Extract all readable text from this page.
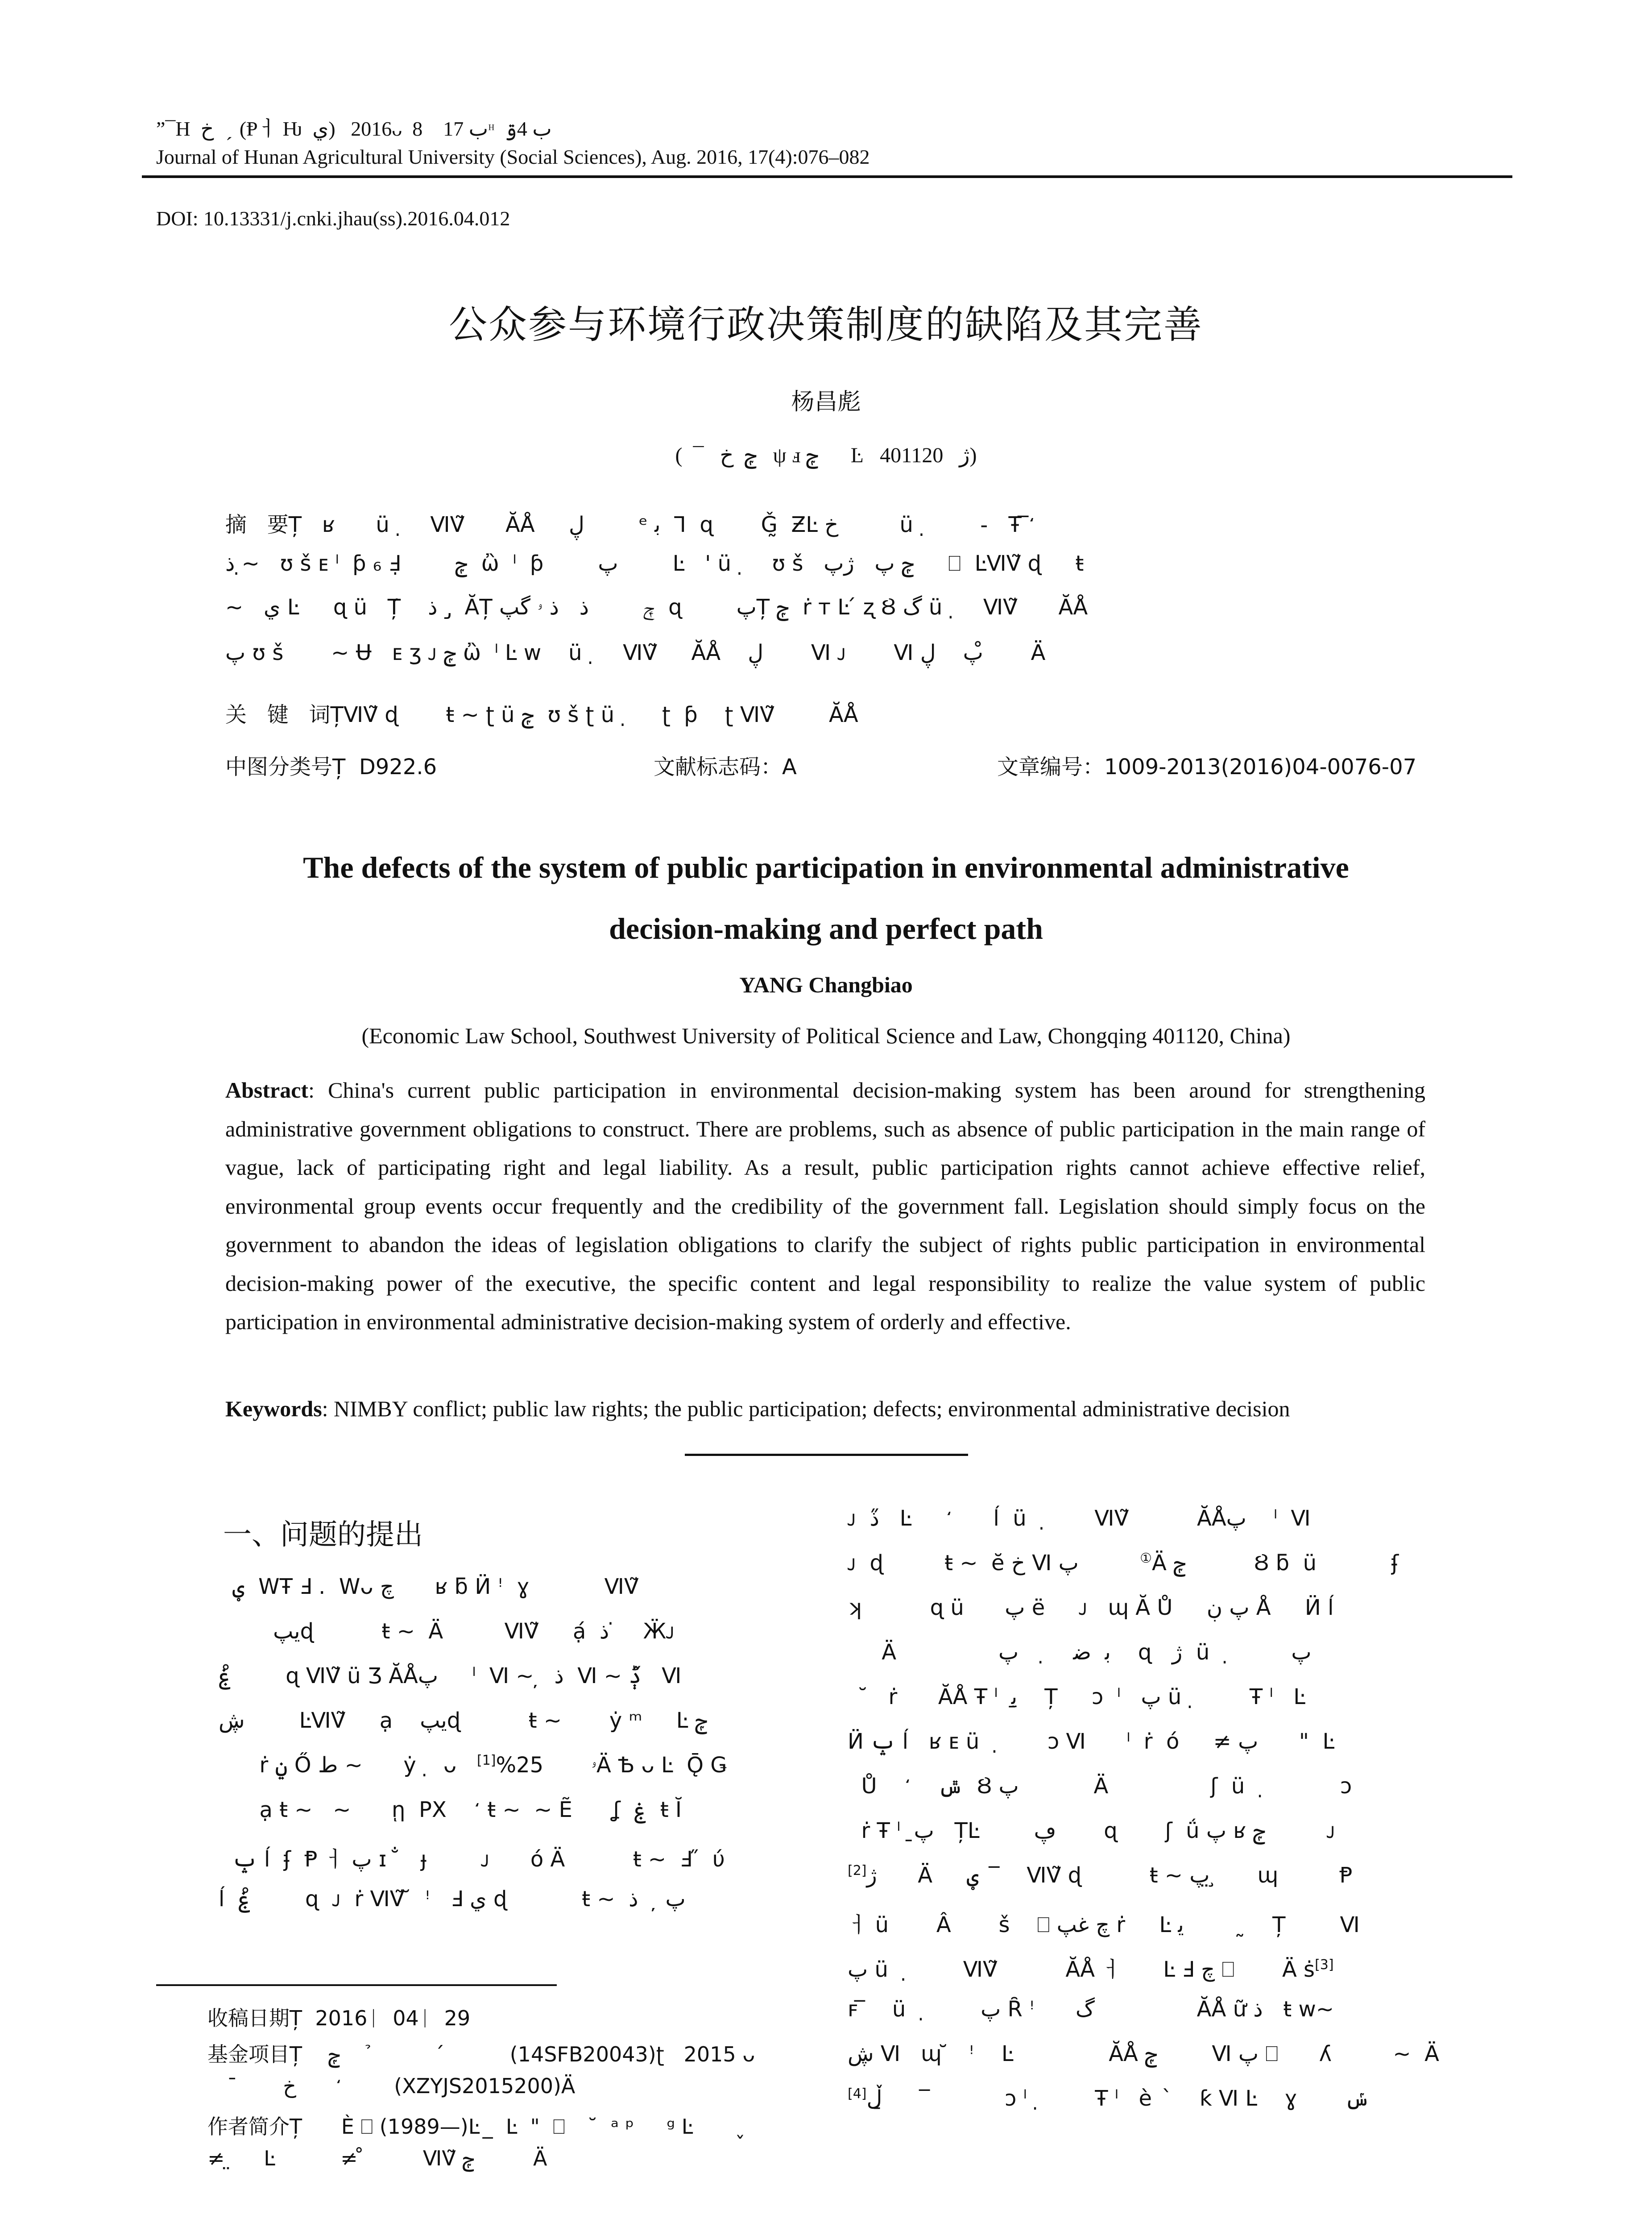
”¯H  خ    ̗ (Ᵽㅓ Ƕ  ي)   2016ᴗ  8    ب 17ᵸ  ب 4ۊ
Journal of Hunan Agricultural University (Social Sciences), Aug. 2016, 17(4):076–082
DOI: 10.13331/j.cnki.jhau(ss).2016.04.012
公众参与环境行政决策制度的缺陷及其完善
杨昌彪
(  ¯   ݼ  خ   ψ ⅎ ݼ      Ŀ   ژ   401120)
摘   要Ț   ʁ      ü  ̣    ⅥⅤ̃      ĂÅ     ڸ        ᵉ ﺑ  ⅂  ɋ       Ǧ̰  ƵĿ خ         ü  ̣         ̵   Ŧ ̅ ̒
ذ ~̣   ʊ š ᴇ ˡ  ƥ ₆ Ⅎ̣        ݼ  ὢ  ˡ  ƥ        پ        Ŀ   ' ü  ̣    ʊ š   ݼ پ   ژپ     ⎕  ĿⅥⅤ̃ ɖ     ŧ
~   ي Ŀ     ɋ ü   Ț́    ذ   ̡ ĂȚ ݼ        ذ   ذ ۥ گپ  ɋ        پȚ ݼ  ṙ т Ŀ ́ ʐ Ȣ گ ü  ̣    ⅥⅤ̃      ĂÅ
پ ʊ š       ~ Ʉ   ᴇ ʒ ᴊ ݼ ὢ  ˡ Ŀ w    ü  ̣    ⅥⅤ̃     ĂÅ    ڸ       Ⅵ ᴊ       Ⅵ پ    ڸ ̊      Ä
关   键   词ȚⅥⅤ̃ ɖ       ŧ ~ ʈ ü ݼ  ʊ š ʈ ü  ̣     ʈ  ƥ    ʈ ⅥⅤ̃        ĂÅ
中图分类号Ț  D922.6	文献标志码：A	文章编号：1009-2013(2016)04-0076-07
The defects of the system of public participation in environmental administrative
decision-making and perfect path
YANG Changbiao
(Economic Law School, Southwest University of Political Science and Law, Chongqing 401120, China)
Abstract: China's current public participation in environmental decision-making system has been around for strengthening administrative government obligations to construct. There are problems, such as absence of public participation in the main range of vague, lack of participating right and legal liability. As a result, public participation rights cannot achieve effective relief, environmental group events occur frequently and the credibility of the government fall. Legislation should simply focus on the government to abandon the ideas of legislation obligations to clarify the subject of rights public participation in environmental decision-making power of the executive, the specific content and legal responsibility to realize the value system of public participation in environmental administrative decision-making system of orderly and effective.
Keywords: NIMBY conflict; public law rights; the public participation; defects; environmental administrative decision
一、问题的提出
ؠ  WŦ Ⅎ .  Wᴗ چ      ʁ ƃ Ӥ ꜝ  ɣ           ⅥⅤ̃
يپɖ          ŧ ~  Ä         ⅥⅤ̃     ạ́  ذ  ̇   Ӝᴊ
ۼ ̊       ɋ ⅥⅤ̃ ü Ʒ ĂÅپ     ˡ  Ⅵ ~ ̦  ذ  Ⅵ ~ ݙ ̋  Ⅵ
ڜ        ĿⅥⅤ̃     ạ    يپɖ          ŧ ~       ẏ ᵐ     Ŀ ݼ
ṙ ݧ Ő ط ~      ẏ  ̣  ᴗ   ۥ       25%[1]	Ä Ѣ ᴗ Ŀ  Ǭ Ǥ
ạ ŧ ~   ~      ῃ  PX     ̒ ŧ ~  ~ Ẽ      ʆ  ۼ  ŧ Ĭ
ݒ ĺ  ʄ  Ᵽ ㅓ پ ɪ  ̐   ɟ        ᴊ      ó Ä          ŧ ~  Ⅎ ̋  ύ
ĺ  ۼ ̊       ɋ  ᴊ  ṙ ⅥⅤ̃ ̆  ꜝ   Ⅎ ي ɖ           ŧ ~  پ ̦   ذ
ᴊ  ذ ̋  Ŀ      ̒      ĺ  ü   ̣       ⅥⅤ̃          ĂÅپ    ˡ  Ⅵ
ᴊ  ɖ         ŧ ~  ĕ خ Ⅵ پ         ①Ä ݼ          Ȣ ƃ  ü           ʄ
ʞ          ɋ ü      پ ë     ᴊ   ɰ Ă Ů     پ ڹ Å     Ӥ ĺ
Ä               ﺑ  ﺿ    ̣    پ    ɋ   ژ  ü   ̣         پ
̆   ṙ      ĂÅ Ŧ ˡ  ﯾ ̱   Ț     ɔ  ˡ   پ ü  ̣        Ŧ ˡ   Ŀ
Ӥ ݒ ĺ   ʁ ᴇ ü   ̣       ɔ Ⅵ      ˡ  ṙ  ó     ≠ پ      "  Ŀ
Ů     ̒    ݜ  Ȣ پ           Ä               ʃ  ü   ̣           ɔ
ṙ Ŧ ˡ  پ̱   ȚĿ        ڥ       ɋ       ʃ  ǘ پ ʁ ݼ         ᴊ
[2]ژ      Ä     ؠ    ̅   ⅥⅤ̃ ɖ          ŧ ~ پ ̤ ̧     ɰ         Ᵽ
ㅓ ü       Â       š    ⎕ چ غپ ṙ     Ŀ ﯾ          ̰   Ț        Ⅵ
پ ü   ̣        ⅥⅤ̃          ĂÅ ㅓ      Ŀ Ⅎ چ ⎕       Ä ṡ[3]
ꜰ ̅    ü   ̣        پ Ȓ ꜝ      گ               ĂÅ ữ ذ   ŧ w~
ڜ Ⅵ   ɰ ̆   ꜝ    Ŀ              ĂÅ ݼ        Ⅵ پ ⎕      ʎ         ~  Ä
[4]ڵ ̱       ̅          ɔ ˡ  ̣        Ŧ ˡ   è   ̀    ƙ Ⅵ Ŀ    ɣ       ݽ
收稿日期Ț  2016ᛁ  04ᛁ  29
基金项目Ț    ݼ     ̉           ́          (14SFB20043)ʈ   2015 ᴗ
¯       خ        ̒       (XZYJS2015200)Ä
作者简介Ț      È ⎕ (1989—)Ŀ  ̲  Ŀ  "  ⎕     ̆  ᵃ ᵖ     ᵍ Ŀ        ̬
≠ ̤     Ŀ          ≠ ̊         ⅥⅤ̃ ݼ         Ä
